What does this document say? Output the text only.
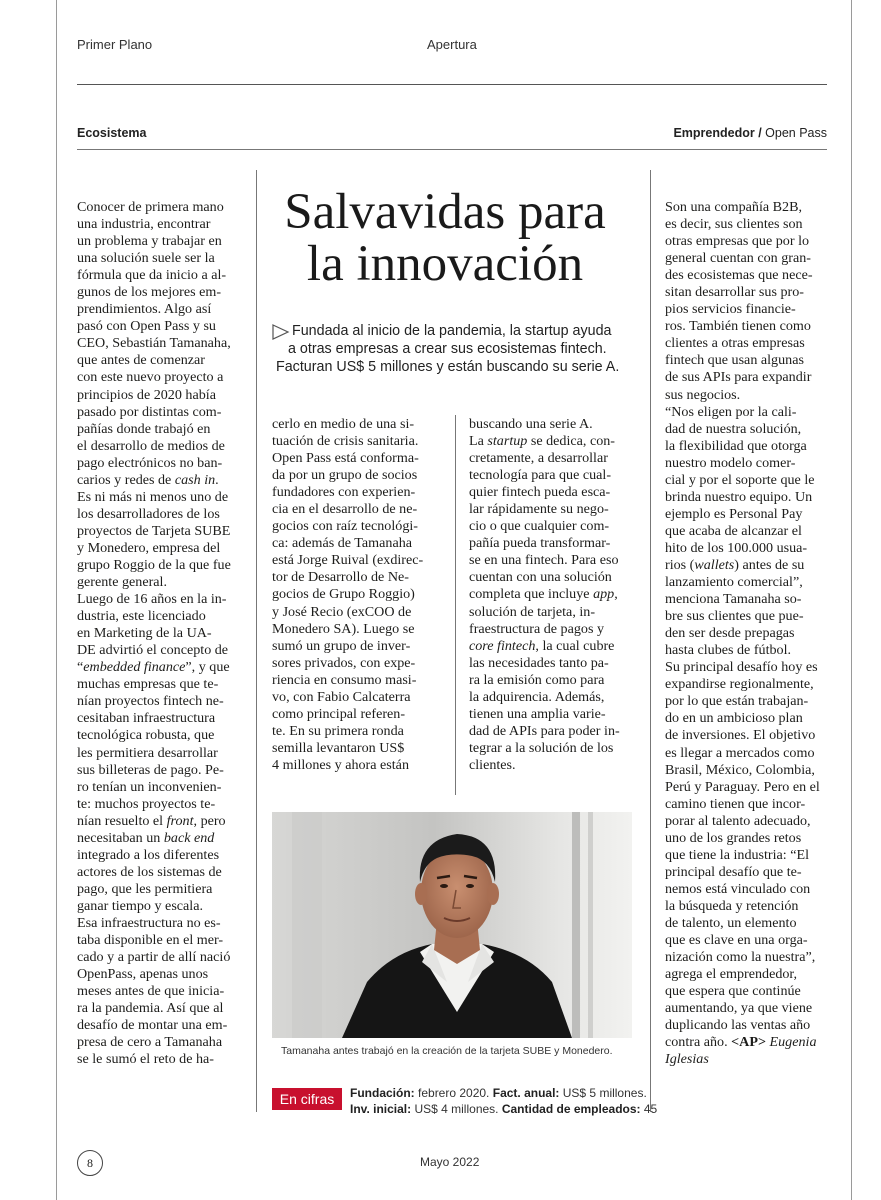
Primer Plano	Apertura
Ecosistema	Emprendedor / Open Pass
Conocer de primera mano
una industria, encontrar
un problema y trabajar en
una solución suele ser la
fórmula que da inicio a al-
gunos de los mejores em-
prendimientos. Algo así
pasó con Open Pass y su
CEO, Sebastián Tamanaha,
que antes de comenzar
con este nuevo proyecto a
principios de 2020 había
pasado por distintas com-
pañías donde trabajó en
el desarrollo de medios de
pago electrónicos no ban-
carios y redes de cash in.
Es ni más ni menos uno de
los desarrolladores de los
proyectos de Tarjeta SUBE
y Monedero, empresa del
grupo Roggio de la que fue
gerente general.
Luego de 16 años en la in-
dustria, este licenciado
en Marketing de la UA-
DE advirtió el concepto de
“embedded finance”, y que
muchas empresas que te-
nían proyectos fintech ne-
cesitaban infraestructura
tecnológica robusta, que
les permitiera desarrollar
sus billeteras de pago. Pe-
ro tenían un inconvenien-
te: muchos proyectos te-
nían resuelto el front, pero
necesitaban un back end
integrado a los diferentes
actores de los sistemas de
pago, que les permitiera
ganar tiempo y escala.
Esa infraestructura no es-
taba disponible en el mer-
cado y a partir de allí nació
OpenPass, apenas unos
meses antes de que inicia-
ra la pandemia. Así que al
desafío de montar una em-
presa de cero a Tamanaha
se le sumó el reto de ha-
cerlo en medio de una si-
tuación de crisis sanitaria.
Open Pass está conforma-
da por un grupo de socios
fundadores con experien-
cia en el desarrollo de ne-
gocios con raíz tecnológi-
ca: además de Tamanaha
está Jorge Ruival (exdirec-
tor de Desarrollo de Ne-
gocios de Grupo Roggio)
y José Recio (exCOO de
Monedero SA). Luego se
sumó un grupo de inver-
sores privados, con expe-
riencia en consumo masi-
vo, con Fabio Calcaterra
como principal referen-
te. En su primera ronda
semilla levantaron US$
4 millones y ahora están
buscando una serie A.
La startup se dedica, con-
cretamente, a desarrollar
tecnología para que cual-
quier fintech pueda esca-
lar rápidamente su nego-
cio o que cualquier com-
pañía pueda transformar-
se en una fintech. Para eso
cuentan con una solución
completa que incluye app,
solución de tarjeta, in-
fraestructura de pagos y
core fintech, la cual cubre
las necesidades tanto pa-
ra la emisión como para
la adquirencia. Además,
tienen una amplia varie-
dad de APIs para poder in-
tegrar a la solución de los
clientes.
Son una compañía B2B,
es decir, sus clientes son
otras empresas que por lo
general cuentan con gran-
des ecosistemas que nece-
sitan desarrollar sus pro-
pios servicios financie-
ros. También tienen como
clientes a otras empresas
fintech que usan algunas
de sus APIs para expandir
sus negocios.
“Nos eligen por la cali-
dad de nuestra solución,
la flexibilidad que otorga
nuestro modelo comer-
cial y por el soporte que le
brinda nuestro equipo. Un
ejemplo es Personal Pay
que acaba de alcanzar el
hito de los 100.000 usua-
rios (wallets) antes de su
lanzamiento comercial”,
menciona Tamanaha so-
bre sus clientes que pue-
den ser desde prepagas
hasta clubes de fútbol.
Su principal desafío hoy es
expandirse regionalmente,
por lo que están trabajan-
do en un ambicioso plan
de inversiones. El objetivo
es llegar a mercados como
Brasil, México, Colombia,
Perú y Paraguay. Pero en el
camino tienen que incor-
porar al talento adecuado,
uno de los grandes retos
que tiene la industria: “El
principal desafío que te-
nemos está vinculado con
la búsqueda y retención
de talento, un elemento
que es clave en una orga-
nización como la nuestra”,
agrega el emprendedor,
que espera que continúe
aumentando, ya que viene
duplicando las ventas año
contra año. <AP> Eugenia
Iglesias
Salvavidas para
la innovación
Fundada al inicio de la pandemia, la startup ayuda
a otras empresas a crear sus ecosistemas fintech.
Facturan US$ 5 millones y están buscando su serie A.
Tamanaha antes trabajó en la creación de la tarjeta SUBE y Monedero.
En cifras	Fundación: febrero 2020. Fact. anual: US$ 5 millones.
Inv. inicial: US$ 4 millones. Cantidad de empleados: 45
8	Mayo 2022
